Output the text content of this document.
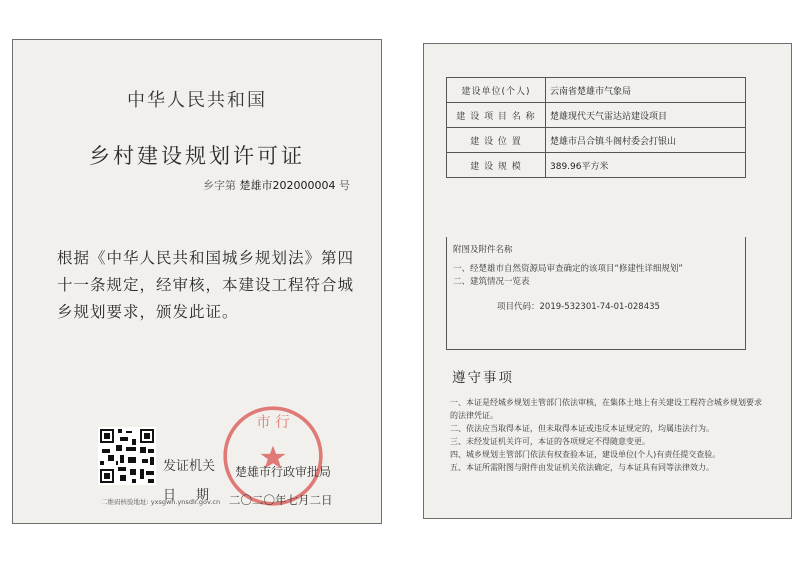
中华人民共和国
乡村建设规划许可证
乡字第 楚雄市202000004 号
根据《中华人民共和国城乡规划法》第四十一条规定，经审核，本建设工程符合城乡规划要求，颁发此证。
市 行
发证机关 楚雄市行政审批局
日期 二〇二〇年七月二日
二维码核验地址: yxsgwh.ynsdlr.gov.cn
建设单位(个人)	云南省楚雄市气象局
建 设 项 目 名 称	楚雄现代天气雷达站建设项目
建 设 位 置	楚雄市吕合镇斗阁村委会打银山
建 设 规 模	389.96平方米
附图及附件名称
一、经楚雄市自然资源局审查确定的该项目“修建性详细规划”
二、建筑情况一览表
项目代码：2019-532301-74-01-028435
遵守事项
一、本证是经城乡规划主管部门依法审核，在集体土地上有关建设工程符合城乡规划要求的法律凭证。
二、依法应当取得本证，但未取得本证或违反本证规定的，均属违法行为。
三、未经发证机关许可，本证的各项规定不得随意变更。
四、城乡规划主管部门依法有权查验本证，建设单位(个人)有责任提交查验。
五、本证所需附图与附件由发证机关依法确定，与本证具有同等法律效力。
